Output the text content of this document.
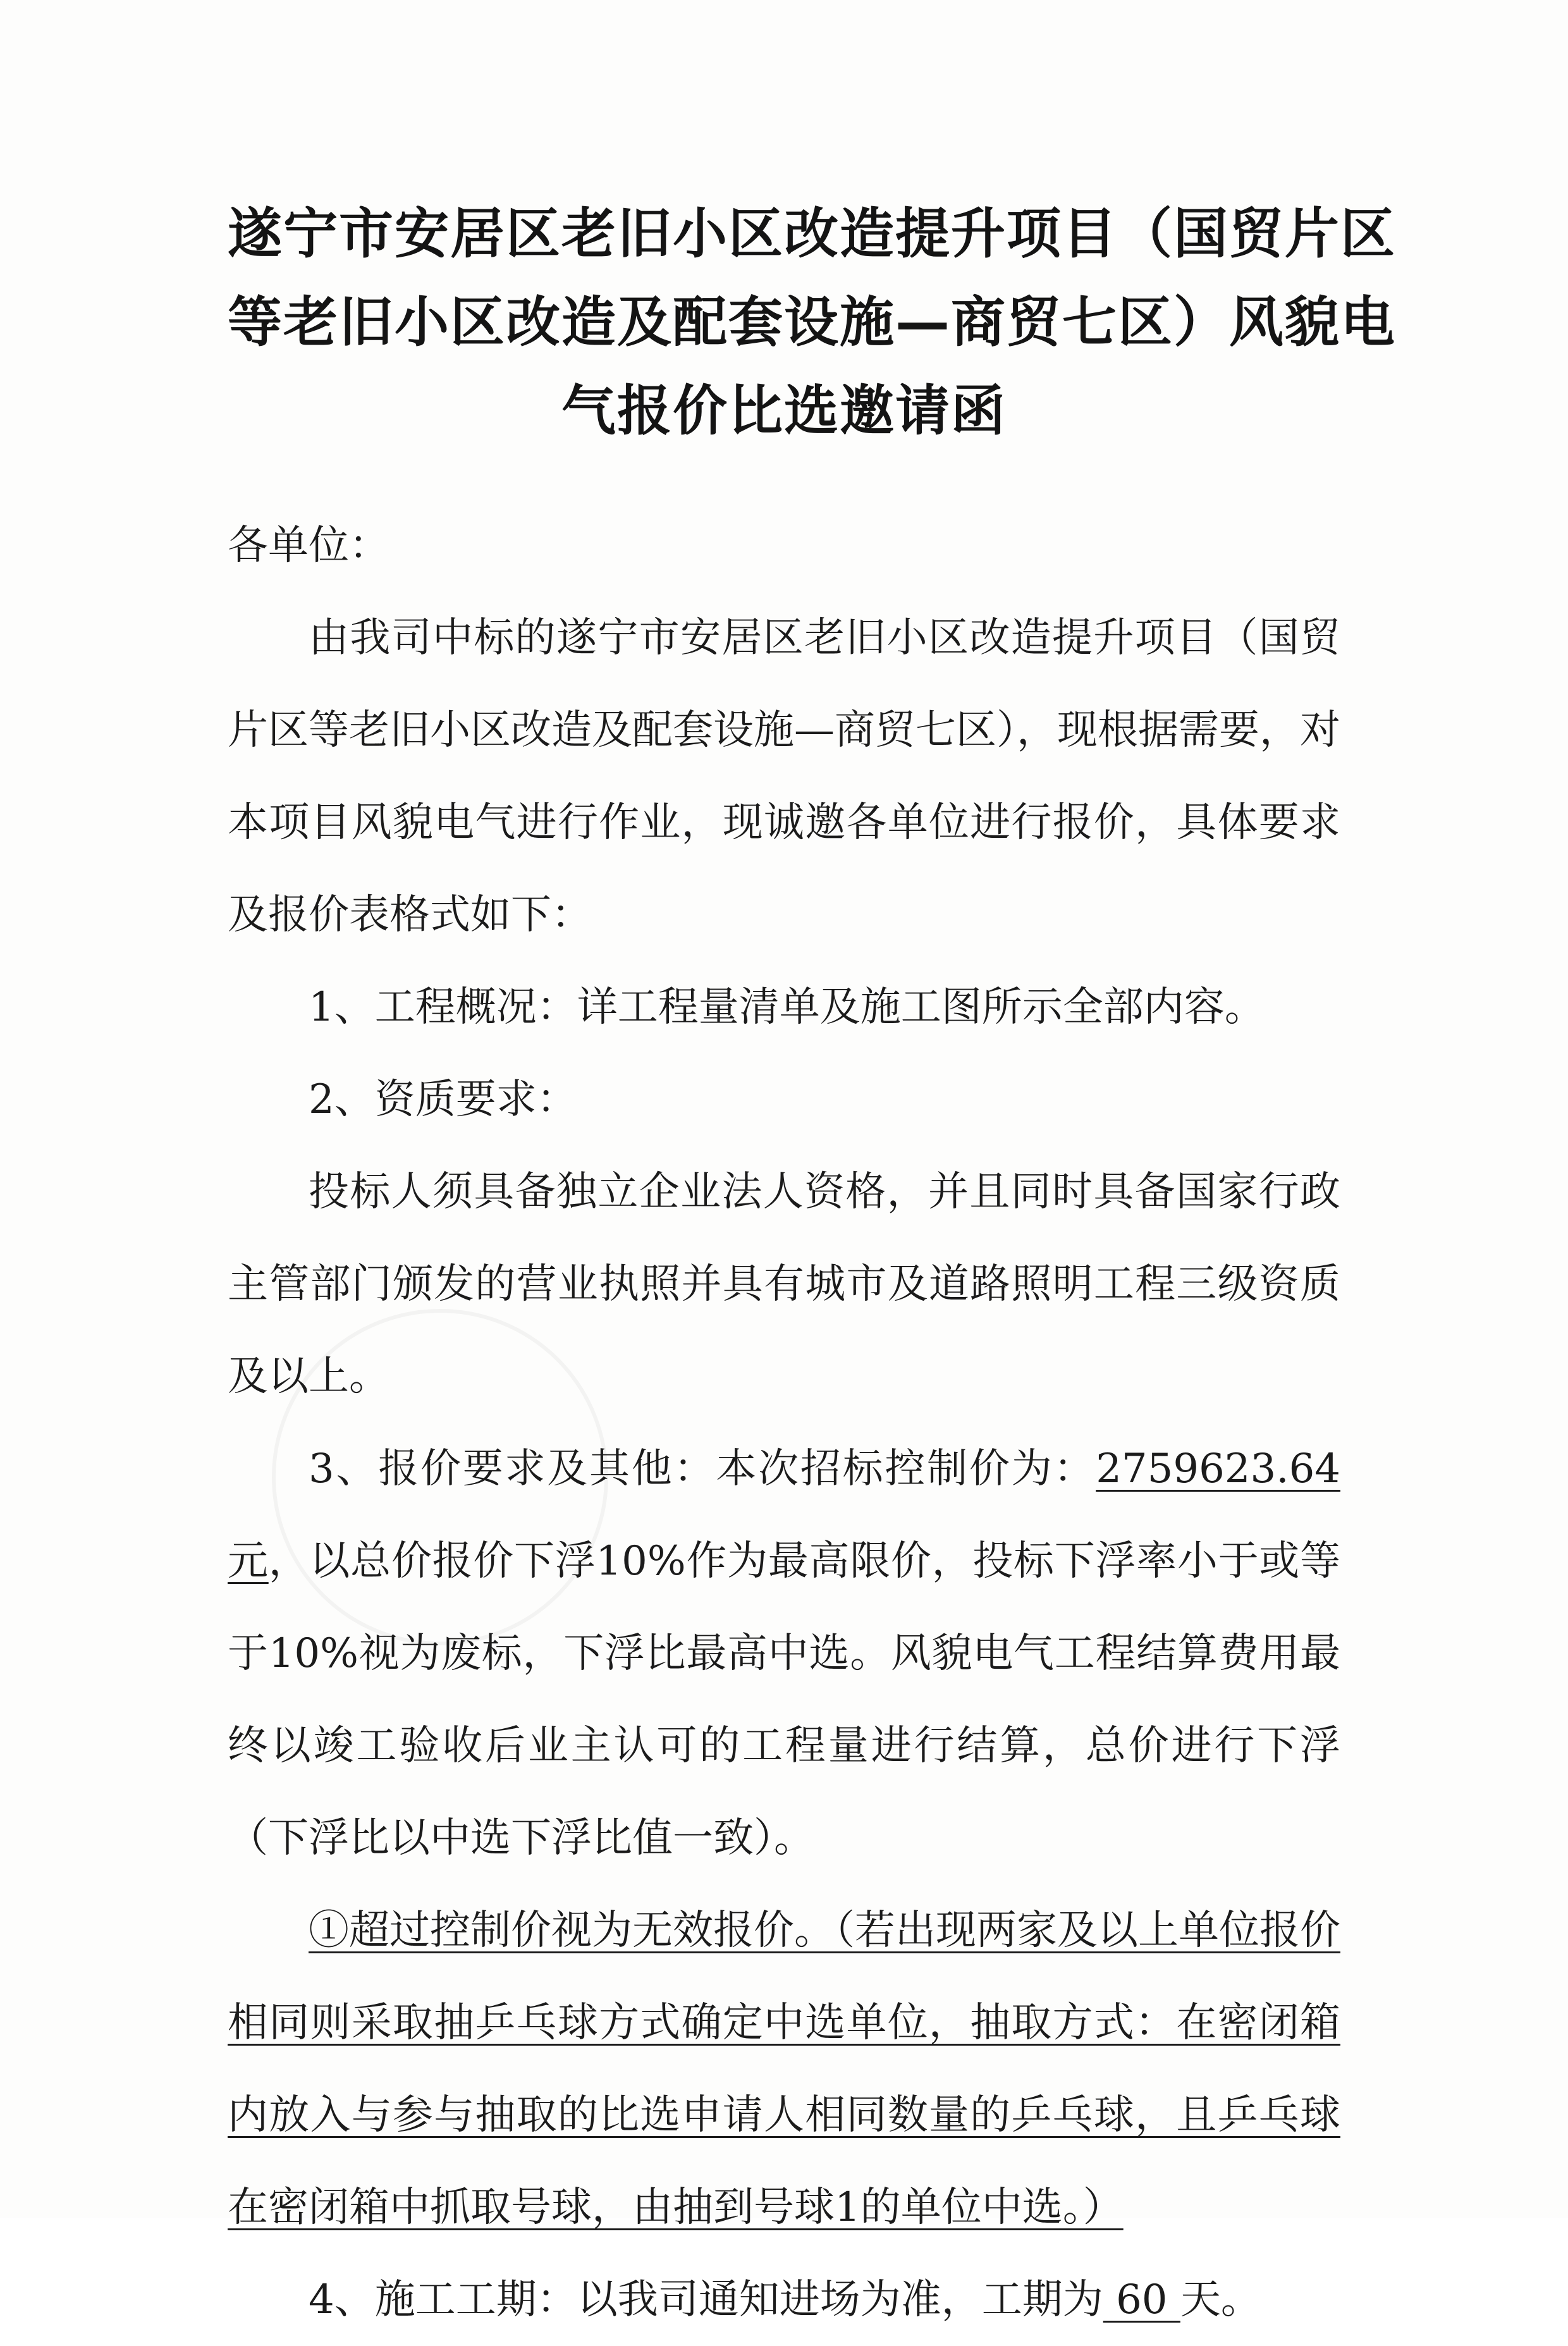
遂宁市安居区老旧小区改造提升项目（国贸片区
等老旧小区改造及配套设施—商贸七区）风貌电
气报价比选邀请函

各单位：

由我司中标的遂宁市安居区老旧小区改造提升项目（国贸片区等老旧小区改造及配套设施—商贸七区），现根据需要，对本项目风貌电气进行作业，现诚邀各单位进行报价，具体要求及报价表格式如下：

1、工程概况：详工程量清单及施工图所示全部内容。

2、资质要求：

投标人须具备独立企业法人资格，并且同时具备国家行政主管部门颁发的营业执照并具有城市及道路照明工程三级资质及以上。

3、报价要求及其他：本次招标控制价为：2759623.64元，以总价报价下浮10%作为最高限价，投标下浮率小于或等于10%视为废标，下浮比最高中选。风貌电气工程结算费用最终以竣工验收后业主认可的工程量进行结算，总价进行下浮（下浮比以中选下浮比值一致）。

①超过控制价视为无效报价。（若出现两家及以上单位报价相同则采取抽乒乓球方式确定中选单位，抽取方式：在密闭箱内放入与参与抽取的比选申请人相同数量的乒乓球，且乒乓球在密闭箱中抓取号球，由抽到号球1的单位中选。）

4、施工工期：以我司通知进场为准，工期为 60 天。
